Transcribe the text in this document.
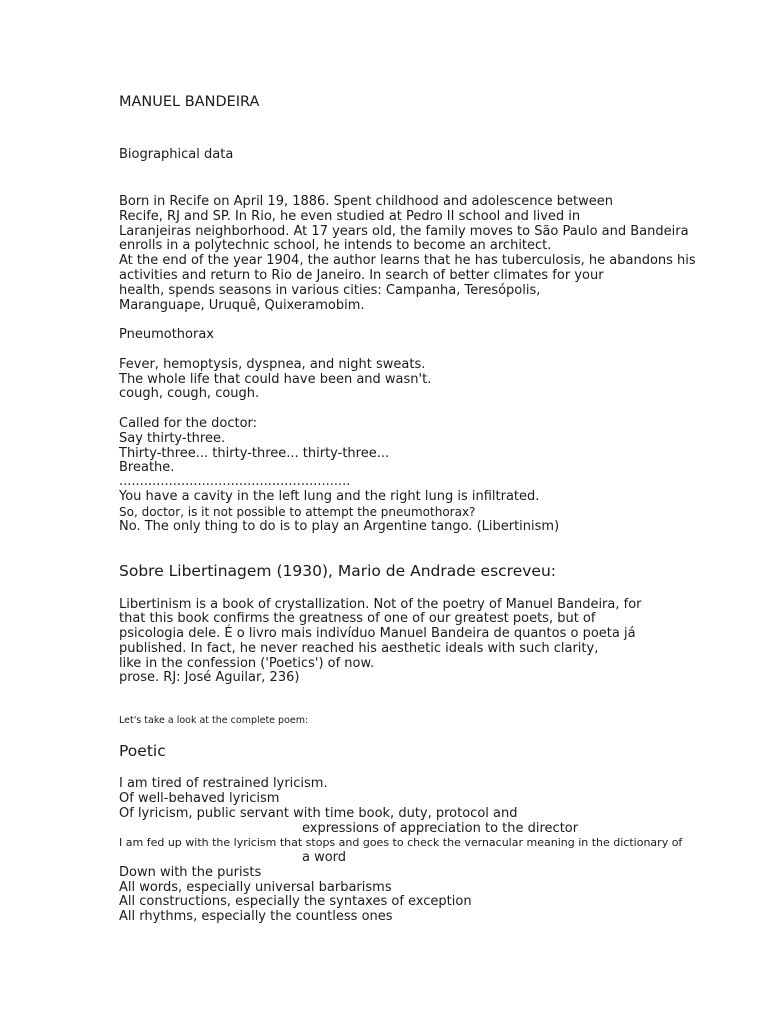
MANUEL BANDEIRA
Biographical data
Born in Recife on April 19, 1886. Spent childhood and adolescence between
Recife, RJ and SP. In Rio, he even studied at Pedro II school and lived in
Laranjeiras neighborhood. At 17 years old, the family moves to São Paulo and Bandeira
enrolls in a polytechnic school, he intends to become an architect.
At the end of the year 1904, the author learns that he has tuberculosis, he abandons his
activities and return to Rio de Janeiro. In search of better climates for your
health, spends seasons in various cities: Campanha, Teresópolis,
Maranguape, Uruquê, Quixeramobim.
Pneumothorax
Fever, hemoptysis, dyspnea, and night sweats.
The whole life that could have been and wasn't.
cough, cough, cough.
Called for the doctor:
Say thirty-three.
Thirty-three... thirty-three... thirty-three...
Breathe.
........................................................
You have a cavity in the left lung and the right lung is infiltrated.
So, doctor, is it not possible to attempt the pneumothorax?
No. The only thing to do is to play an Argentine tango. (Libertinism)
Sobre Libertinagem (1930), Mario de Andrade escreveu:
Libertinism is a book of crystallization. Not of the poetry of Manuel Bandeira, for
that this book confirms the greatness of one of our greatest poets, but of
psicologia dele. É o livro mais indivíduo Manuel Bandeira de quantos o poeta já
published. In fact, he never reached his aesthetic ideals with such clarity,
like in the confession ('Poetics') of now.
prose. RJ: José Aguilar, 236)
Let's take a look at the complete poem:
Poetic
I am tired of restrained lyricism.
Of well-behaved lyricism
Of lyricism, public servant with time book, duty, protocol and
expressions of appreciation to the director
I am fed up with the lyricism that stops and goes to check the vernacular meaning in the dictionary of
a word
Down with the purists
All words, especially universal barbarisms
All constructions, especially the syntaxes of exception
All rhythms, especially the countless ones
